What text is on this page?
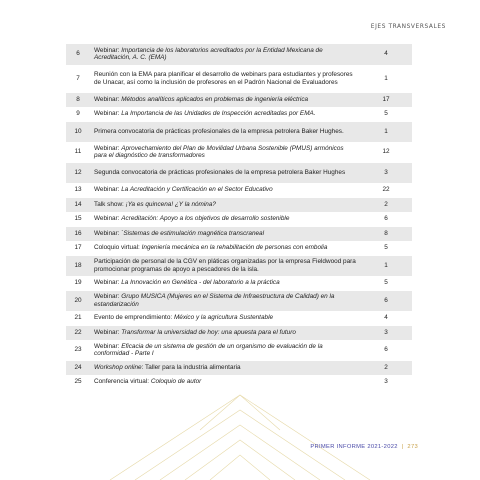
EJES TRANSVERSALES
6	Webinar: Importancia de los laboratorios acreditados por la Entidad Mexicana de Acreditación, A. C. (EMA)	4
7	Reunión con la EMA para planificar el desarrollo de webinars para estudiantes y profesores de Unacar, así como la inclusión de profesores en el Padrón Nacional de Evaluadores	1
8	Webinar: Métodos analíticos aplicados en problemas de ingeniería eléctrica	17
9	Webinar: La Importancia de las Unidades de Inspección acreditadas por EMA.	5
10	Primera convocatoria de prácticas profesionales de la empresa petrolera Baker Hughes.	1
11	Webinar: Aprovechamiento del Plan de Movilidad Urbana Sostenible (PMUS) armónicos para el diagnóstico de transformadores	12
12	Segunda convocatoria de prácticas profesionales de la empresa petrolera Baker Hughes	3
13	Webinar: La Acreditación y Certificación en el Sector Educativo	22
14	Talk show: ¡Ya es quincena! ¿Y la nómina?	2
15	Webinar: Acreditación: Apoyo a los objetivos de desarrollo sostenible	6
16	Webinar: `Sistemas de estimulación magnética transcraneal	8
17	Coloquio virtual: Ingeniería mecánica en la rehabilitación de personas con embolia	5
18	Participación de personal de la CGV en pláticas organizadas por la empresa Fieldwood para promocionar programas de apoyo a pescadores de la isla.	1
19	Webinar: La Innovación en Genética - del laboratorio a la práctica	5
20	Webinar: Grupo MUSICA (Mujeres en el Sistema de Infraestructura de Calidad) en la estandarización	6
21	Evento de emprendimiento: México y la agricultura Sustentable	4
22	Webinar: Transformar la universidad de hoy: una apuesta para el futuro	3
23	Webinar: Eficacia de un sistema de gestión de un organismo de evaluación de la conformidad - Parte I	6
24	Workshop online: Taller para la industria alimentaria	2
25	Conferencia virtual: Coloquio de autor	3
PRIMER INFORME 2021-2022 | 273
